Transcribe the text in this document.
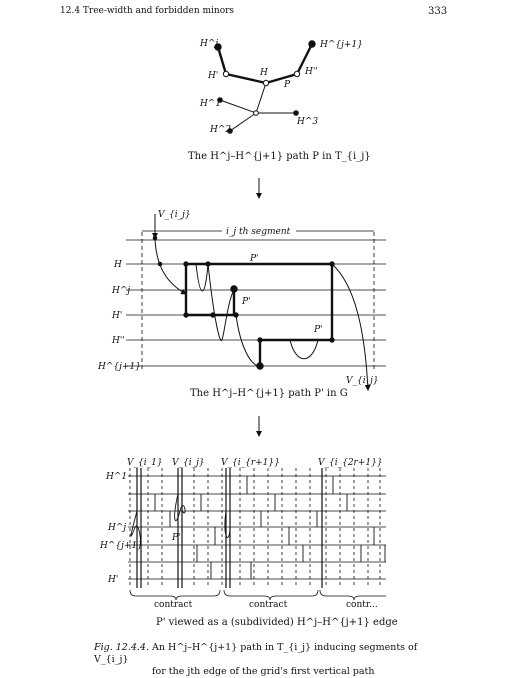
12.4 Tree-width and forbidden minors	333
H^j	H^{j+1}
H'	H	H''
P
H^1
H^2
H^3
The H^j–H^{j+1} path P in T_{i_j}
V_{i_j}
i_j th segment
H
H^j
H'
H''
H^{j+1}
P'
P'
P'
V_{i_j}
The H^j–H^{j+1} path P' in G
V_{i_1} V_{i_j} V_{i_{r+1}}	V_{i_{2r+1}}
H^1
H^j
H^{j+1}
H'
P'
contract	contract	contr...
P' viewed as a (subdivided) H^j–H^{j+1} edge
Fig. 12.4.4. An H^j–H^{j+1} path in T_{i_j} inducing segments of V_{i_j}
for the jth edge of the grid's first vertical path
